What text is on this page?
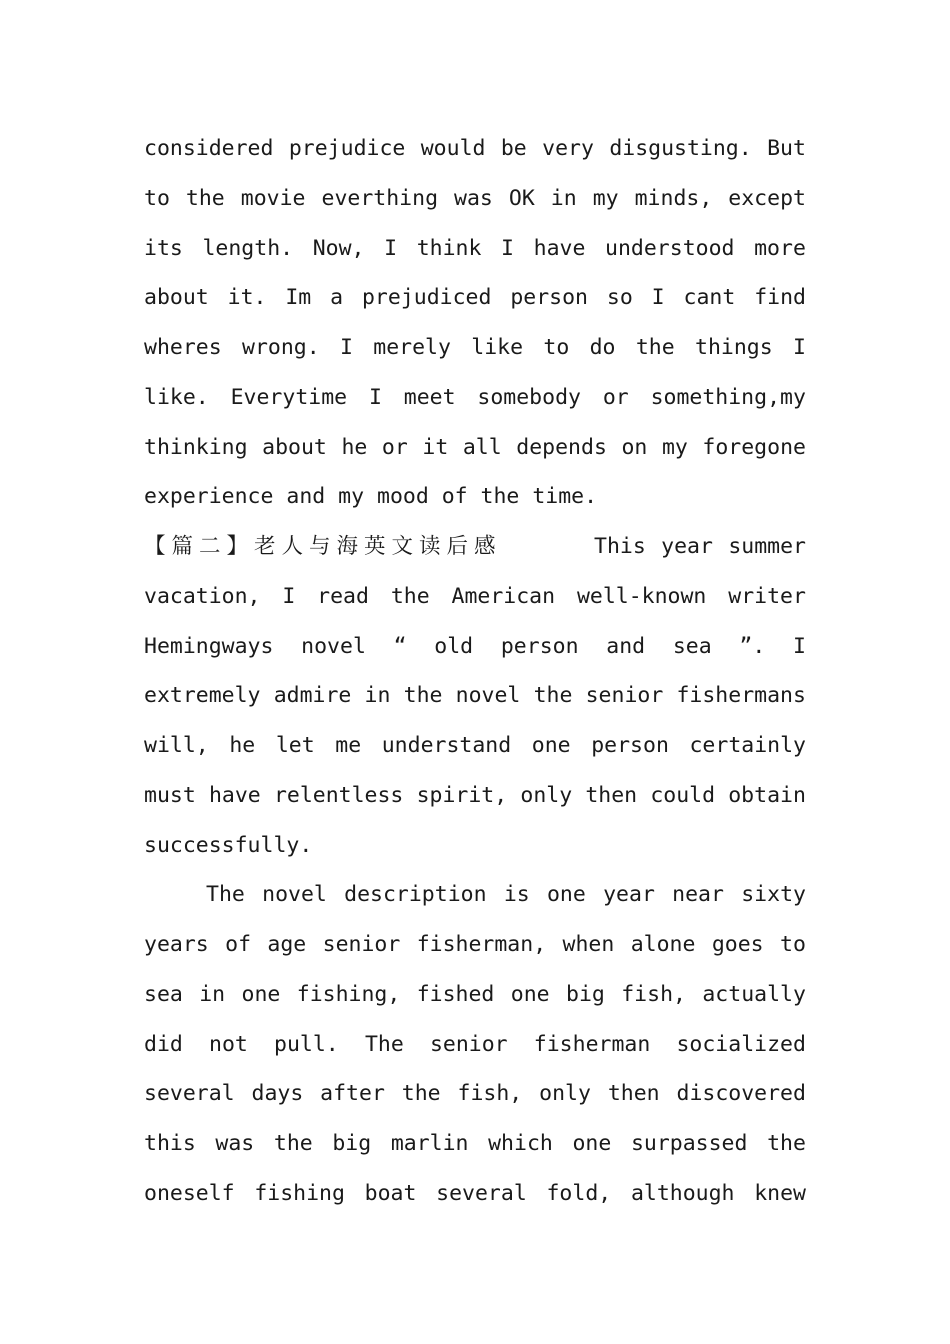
considered prejudice would be very disgusting. But
to the movie everthing was OK in my minds, except
its length. Now, I think I have understood more
about it. Im a prejudiced person so I cant find
wheres wrong. I merely like to do the things I
like. Everytime I meet somebody or something,my
thinking about he or it all depends on my foregone
experience and my mood of the time.
【篇二】老人与海英文读后感	This year summer
vacation, I read the American well-known writer
Hemingways novel “ old person and sea ”. I
extremely admire in the novel the senior fishermans
will, he let me understand one person certainly
must have relentless spirit, only then could obtain
successfully.
The novel description is one year near sixty
years of age senior fisherman, when alone goes to
sea in one fishing, fished one big fish, actually
did not pull. The senior fisherman socialized
several days after the fish, only then discovered
this was the big marlin which one surpassed the
oneself fishing boat several fold, although knew
